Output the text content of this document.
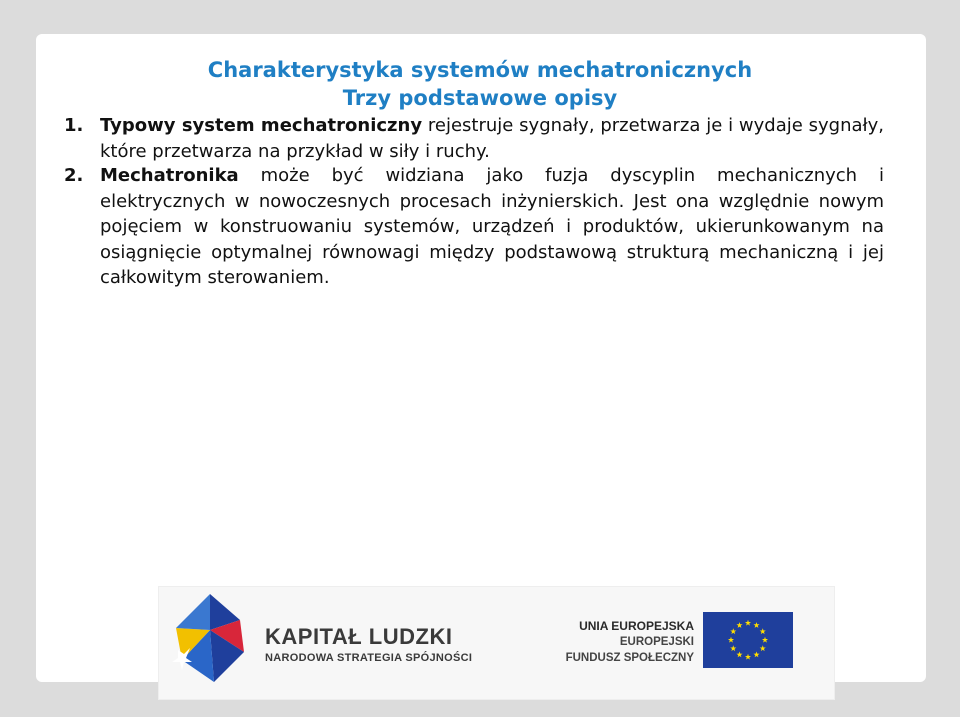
Charakterystyka systemów mechatronicznych
Trzy podstawowe opisy
1. Typowy system mechatroniczny rejestruje sygnały, przetwarza je i wydaje sygnały, które przetwarza na przykład w siły i ruchy.

2. Mechatronika może być widziana jako fuzja dyscyplin mechanicznych i elektrycznych w nowoczesnych procesach inżynierskich. Jest ona względnie nowym pojęciem w konstruowaniu systemów, urządzeń i produktów, ukierunkowanym na osiągnięcie optymalnej równowagi między podstawową strukturą mechaniczną i jej całkowitym sterowaniem.

KAPITAŁ LUDZKI

NARODOWA STRATEGIA SPÓJNOŚCI

UNIA EUROPEJSKA
EUROPEJSKI
FUNDUSZ SPOŁECZNY
